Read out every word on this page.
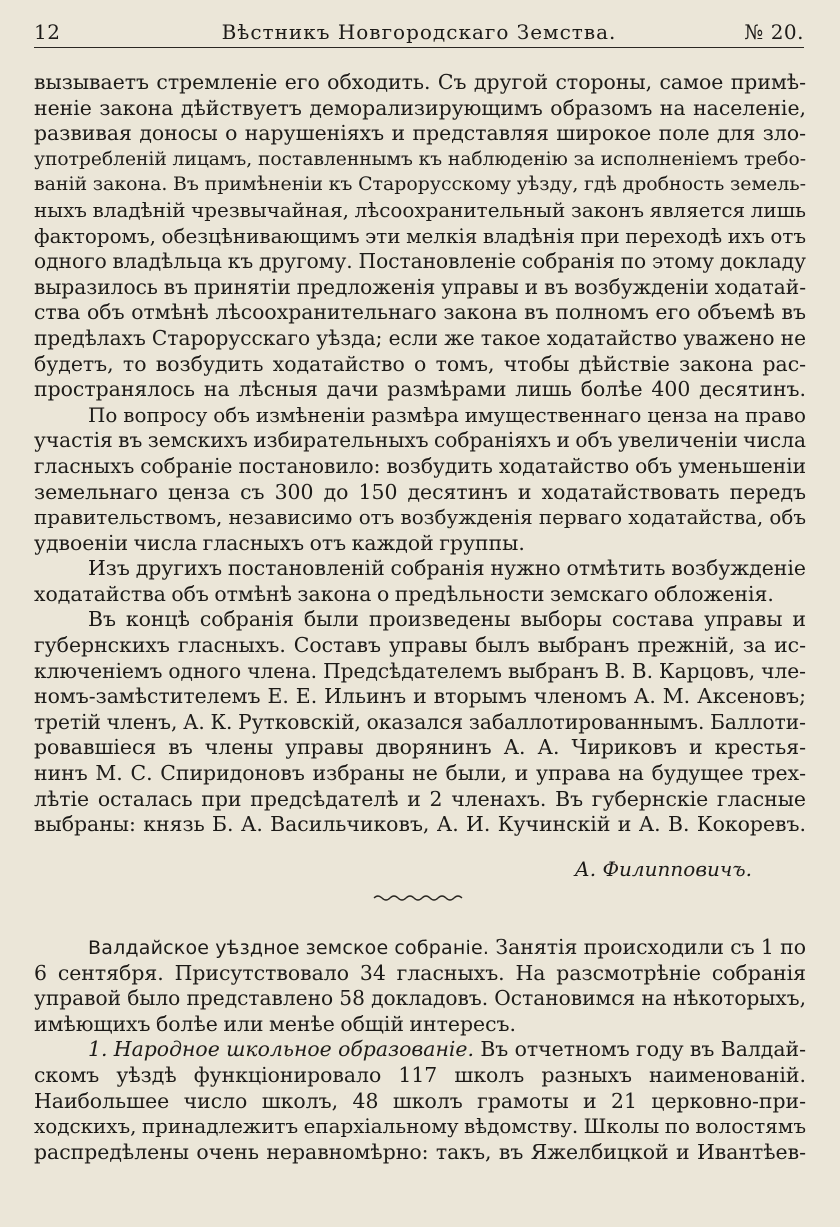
12	Вѣстникъ Новгородскаго Земства.	№ 20.
вызываетъ стремленіе его обходить. Съ другой стороны, самое примѣ-
неніе закона дѣйствуетъ деморализирующимъ образомъ на населеніе,
развивая доносы о нарушеніяхъ и представляя широкое поле для зло-
употребленій лицамъ, поставленнымъ къ наблюденію за исполненіемъ требо-
ваній закона. Въ примѣненіи къ Старорусскому уѣзду, гдѣ дробность земель-
ныхъ владѣній чрезвычайная, лѣсоохранительный законъ является лишь
факторомъ, обезцѣнивающимъ эти мелкія владѣнія при переходѣ ихъ отъ
одного владѣльца къ другому. Постановленіе собранія по этому докладу
выразилось въ принятіи предложенія управы и въ возбужденіи ходатай-
ства объ отмѣнѣ лѣсоохранительнаго закона въ полномъ его объемѣ въ
предѣлахъ Старорусскаго уѣзда; если же такое ходатайство уважено не
будетъ, то возбудить ходатайство о томъ, чтобы дѣйствіе закона рас-
пространялось на лѣсныя дачи размѣрами лишь болѣе 400 десятинъ.
По вопросу объ измѣненіи размѣра имущественнаго ценза на право
участія въ земскихъ избирательныхъ собраніяхъ и объ увеличеніи числа
гласныхъ собраніе постановило: возбудить ходатайство объ уменьшеніи
земельнаго ценза съ 300 до 150 десятинъ и ходатайствовать передъ
правительствомъ, независимо отъ возбужденія перваго ходатайства, объ
удвоеніи числа гласныхъ отъ каждой группы.
Изъ другихъ постановленій собранія нужно отмѣтить возбужденіе
ходатайства объ отмѣнѣ закона о предѣльности земскаго обложенія.
Въ концѣ собранія были произведены выборы состава управы и
губернскихъ гласныхъ. Составъ управы былъ выбранъ прежній, за ис-
ключеніемъ одного члена. Предсѣдателемъ выбранъ В. В. Карцовъ, чле-
номъ-замѣстителемъ Е. Е. Ильинъ и вторымъ членомъ А. М. Аксеновъ;
третій членъ, А. К. Рутковскій, оказался забаллотированнымъ. Баллоти-
ровавшіеся въ члены управы дворянинъ А. А. Чириковъ и крестья-
нинъ М. С. Спиридоновъ избраны не были, и управа на будущее трех-
лѣтіе осталась при предсѣдателѣ и 2 членахъ. Въ губернскіе гласные
выбраны: князь Б. А. Васильчиковъ, А. И. Кучинскій и А. В. Кокоревъ.
А. Филипповичъ.
Валдайское уѣздное земское собраніе. Занятія происходили съ 1 по
6 сентября. Присутствовало 34 гласныхъ. На разсмотрѣніе собранія
управой было представлено 58 докладовъ. Остановимся на нѣкоторыхъ,
имѣющихъ болѣе или менѣе общій интересъ.
1. Народное школьное образованіе. Въ отчетномъ году въ Валдай-
скомъ уѣздѣ функціонировало 117 школъ разныхъ наименованій.
Наибольшее число школъ, 48 школъ грамоты и 21 церковно-при-
ходскихъ, принадлежитъ епархіальному вѣдомству. Школы по волостямъ
распредѣлены очень неравномѣрно: такъ, въ Яжелбицкой и Ивантѣев-
